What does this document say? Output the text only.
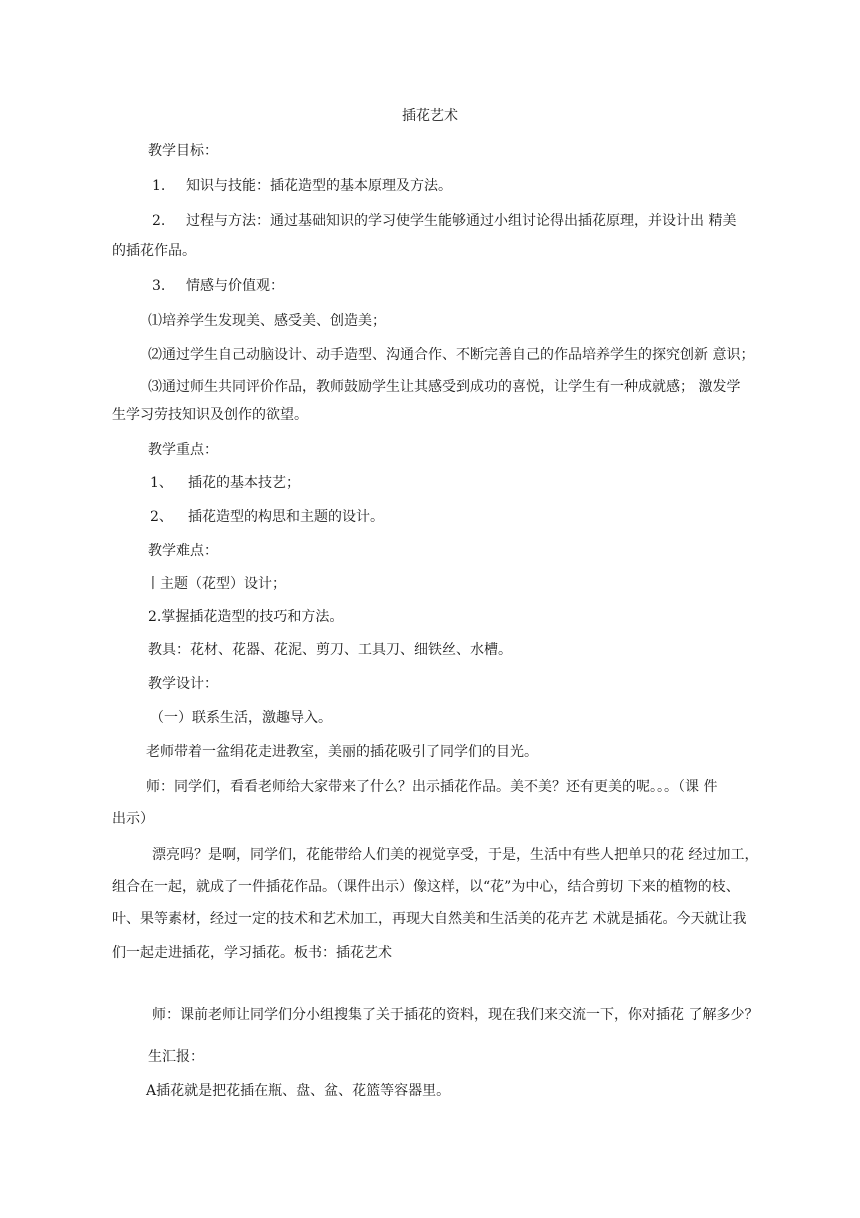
插花艺术
教学目标：
1. 知识与技能：插花造型的基本原理及方法。
2. 过程与方法：通过基础知识的学习使学生能够通过小组讨论得出插花原理，并设计出 精美
的插花作品。
3. 情感与价值观：
⑴培养学生发现美、感受美、创造美；
⑵通过学生自己动脑设计、动手造型、沟通合作、不断完善自己的作品培养学生的探究创新 意识；
⑶通过师生共同评价作品，教师鼓励学生让其感受到成功的喜悦，让学生有一种成就感； 激发学
生学习劳技知识及创作的欲望。
教学重点：
1、 插花的基本技艺；
2、 插花造型的构思和主题的设计。
教学难点：
丨主题（花型）设计；
2.掌握插花造型的技巧和方法。
教具：花材、花器、花泥、剪刀、工具刀、细铁丝、水槽。
教学设计：
（一）联系生活，激趣导入。
老师带着一盆绢花走进教室，美丽的插花吸引了同学们的目光。
师：同学们，看看老师给大家带来了什么？出示插花作品。美不美？还有更美的呢。。。（课 件
出示）
漂亮吗？是啊，同学们，花能带给人们美的视觉享受，于是，生活中有些人把单只的花 经过加工，
组合在一起，就成了一件插花作品。（课件出示）像这样，以“花”为中心，结合剪切 下来的植物的枝、
叶、果等素材，经过一定的技术和艺术加工，再现大自然美和生活美的花卉艺 术就是插花。今天就让我
们一起走进插花，学习插花。板书：插花艺术
师：课前老师让同学们分小组搜集了关于插花的资料，现在我们来交流一下，你对插花 了解多少？
生汇报：
A插花就是把花插在瓶、盘、盆、花篮等容器里。
